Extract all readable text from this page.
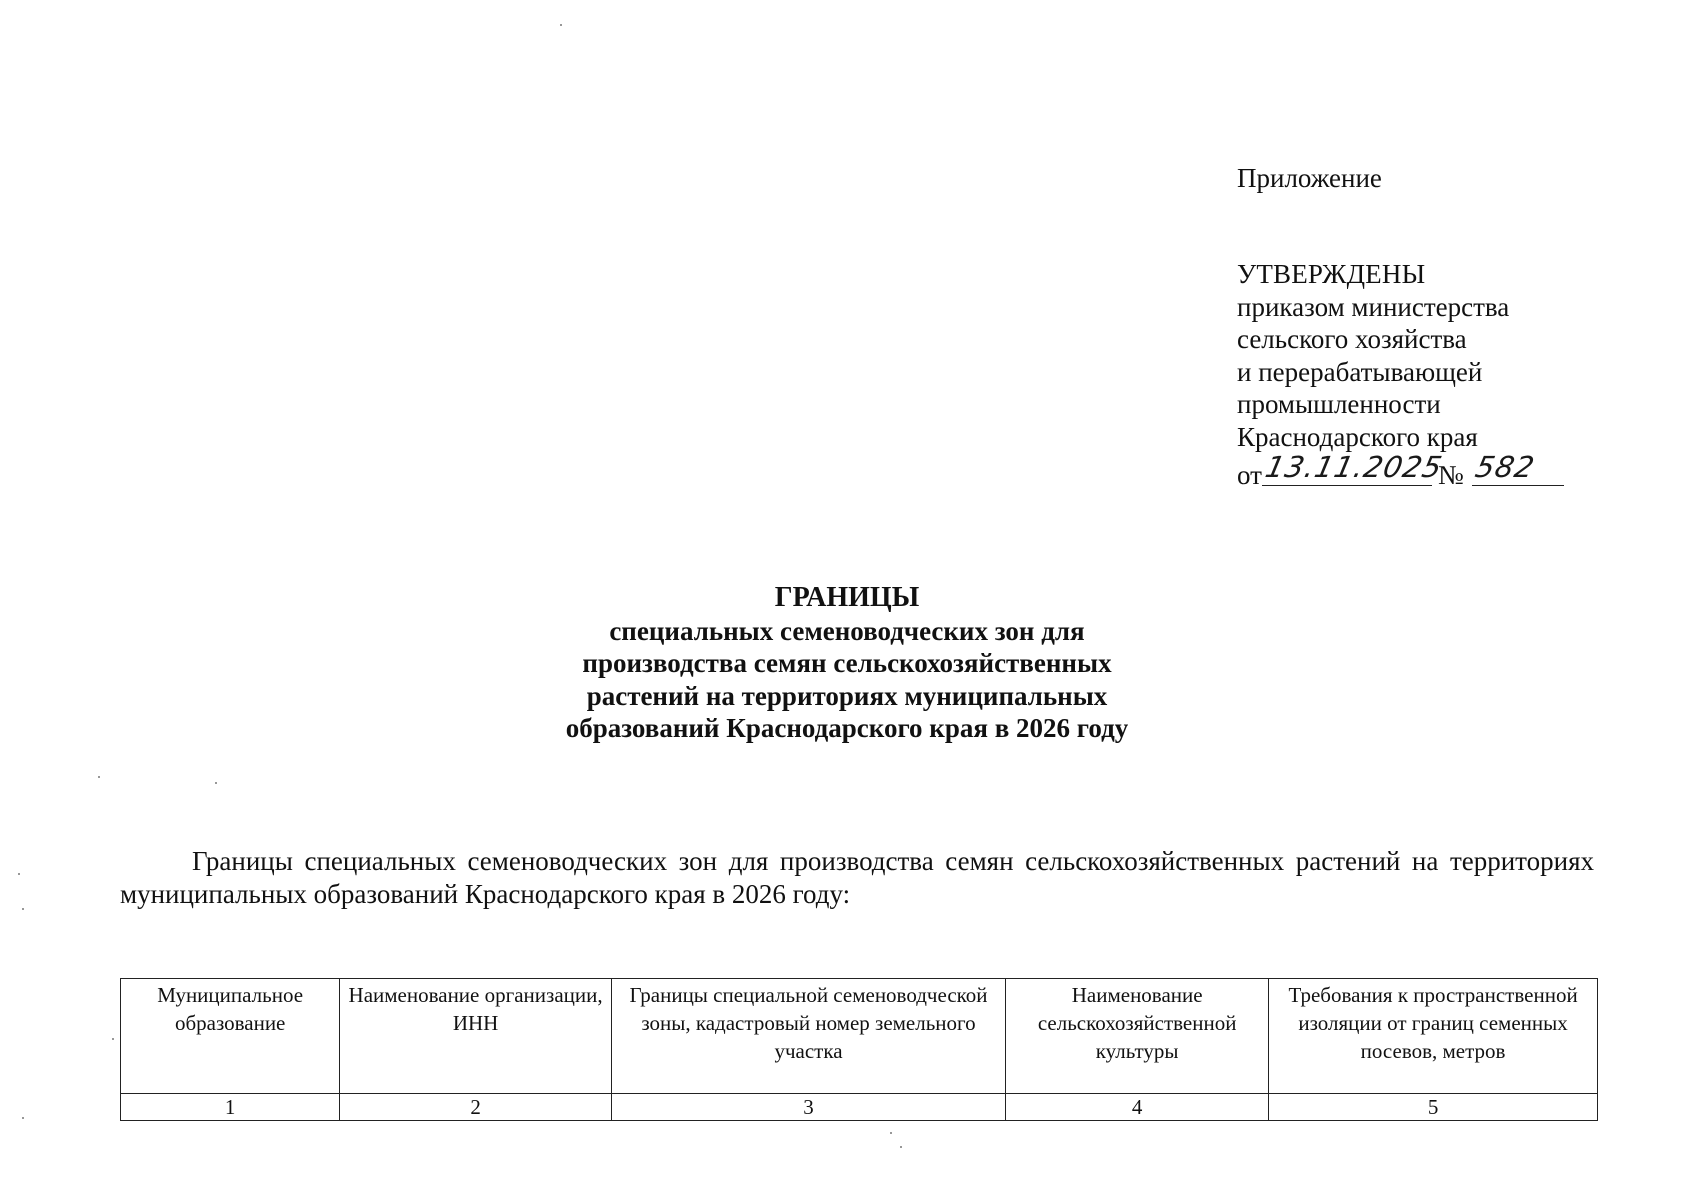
Приложение
УТВЕРЖДЕНЫ
приказом министерства
сельского хозяйства
и перерабатывающей
промышленности
Краснодарского края
от 13.11.2025
№ 582
ГРАНИЦЫ
специальных семеноводческих зон для
производства семян сельскохозяйственных
растений на территориях муниципальных
образований Краснодарского края в 2026 году
Границы специальных семеноводческих зон для производства семян сельскохозяйственных растений на территориях муниципальных образований Краснодарского края в 2026 году:
Муниципальное образование	Наименование организации, ИНН	Границы специальной семеноводческой зоны, кадастровый номер земельного участка	Наименование сельскохозяйственной культуры	Требования к пространственной изоляции от границ семенных посевов, метров
1	2	3	4	5
